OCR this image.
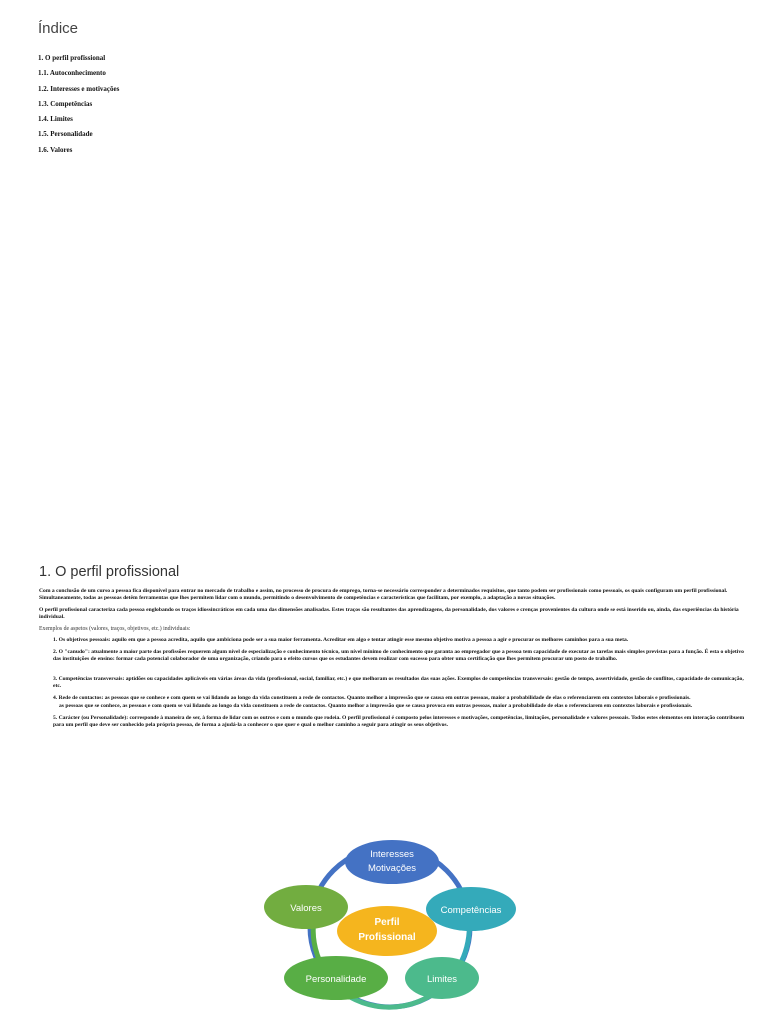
Índice
1. O perfil profissional
1.1. Autoconhecimento
1.2. Interesses e motivações
1.3. Competências
1.4. Limites
1.5. Personalidade
1.6. Valores
1. O perfil profissional

Com a conclusão de um curso a pessoa fica disponível para entrar no mercado de trabalho e assim, no processo de procura de emprego, torna-se necessário corresponder a determinados requisitos, que tanto podem ser profissionais como pessoais, os quais configuram um perfil profissional. Simultaneamente, todas as pessoas detêm ferramentas que lhes permitem lidar com o mundo, permitindo o desenvolvimento de competências e características que facilitam, por exemplo, a adaptação a novas situações.

O perfil profissional caracteriza cada pessoa englobando os traços idiossincráticos em cada uma das dimensões analisadas. Estes traços são resultantes das aprendizagens, da personalidade, dos valores e crenças provenientes da cultura onde se está inserido ou, ainda, das experiências da história individual.

Exemplos de aspetos (valores, traços, objetivos, etc.) individuais:

1. Os objetivos pessoais: aquilo em que a pessoa acredita, aquilo que ambiciona pode ser a sua maior ferramenta. Acreditar em algo e tentar atingir esse mesmo objetivo motiva a pessoa a agir e procurar os melhores caminhos para a sua meta.
2. O "canudo": atualmente a maior parte das profissões requerem algum nível de especialização e conhecimento técnico, um nível mínimo de conhecimento que garanta ao empregador que a pessoa tem capacidade de executar as tarefas mais simples previstas para a função. É esta o objetivo das instituições de ensino: formar cada potencial colaborador de uma organização, criando para o efeito cursos que os estudantes devem realizar com sucesso para obter uma certificação que lhes permitem procurar um posto de trabalho.
3. Competências transversais: aptidões ou capacidades aplicáveis em várias áreas da vida (profissional, social, familiar, etc.) e que melhoram os resultados das suas ações. Exemplos de competências transversais: gestão de tempo, assertividade, gestão de conflitos, capacidade de comunicação, etc.
4. Rede de contactos: as pessoas que se conhece e com quem se vai lidando ao longo da vida constituem a rede de contactos. Quanto melhor a impressão que se causa em outras pessoas, maior a probabilidade de elas o referenciarem em contextos laborais e profissionais.
as pessoas que se conhece, as pessoas e com quem se vai lidando ao longo da vida constituem a rede de contactos. Quanto melhor a impressão que se causa provoca em outras pessoas, maior a probabilidade de elas o referenciarem em contextos laborais e profissionais.
5. Carácter (ou Personalidade): corresponde à maneira de ser, à forma de lidar com os outros e com o mundo que rodeia. O perfil profissional é composto pelos interesses e motivações, competências, limitações, personalidade e valores pessoais. Todos estes elementos em interação contribuem para um perfil que deve ser conhecido pela própria pessoa, de forma a ajudá-la a conhecer o que quer e qual o melhor caminho a seguir para atingir os seus objetivos.
Perfil
Profissional
Interesses
Motivações
Competências
Limites
Personalidade
Valores
